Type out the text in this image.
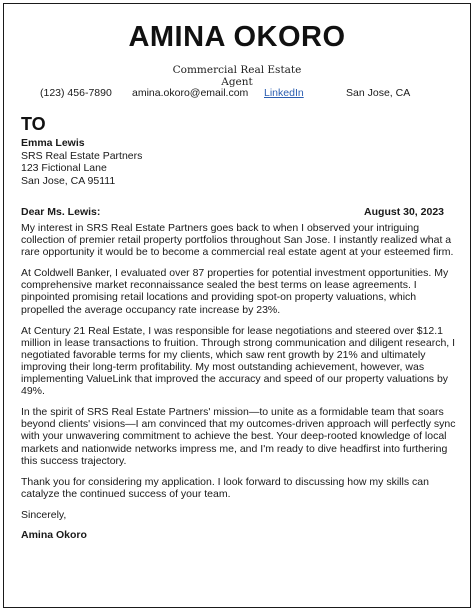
AMINA OKORO
Commercial Real Estate
Agent
(123) 456-7890 amina.okoro@email.com LinkedIn	San Jose, CA
TO
Emma Lewis
SRS Real Estate Partners
123 Fictional Lane
San Jose, CA 95111
Dear Ms. Lewis:	August 30, 2023

My interest in SRS Real Estate Partners goes back to when I observed your intriguing collection of premier retail property portfolios throughout San Jose. I instantly realized what a rare opportunity it would be to become a commercial real estate agent at your esteemed firm.

At Coldwell Banker, I evaluated over 87 properties for potential investment opportunities. My comprehensive market reconnaissance sealed the best terms on lease agreements. I pinpointed promising retail locations and providing spot-on property valuations, which propelled the average occupancy rate increase by 23%.

At Century 21 Real Estate, I was responsible for lease negotiations and steered over $12.1 million in lease transactions to fruition. Through strong communication and diligent research, I negotiated favorable terms for my clients, which saw rent growth by 21% and ultimately improving their long-term profitability. My most outstanding achievement, however, was implementing ValueLink that improved the accuracy and speed of our property valuations by 49%.

In the spirit of SRS Real Estate Partners' mission—to unite as a formidable team that soars beyond clients' visions—I am convinced that my outcomes-driven approach will perfectly sync with your unwavering commitment to achieve the best. Your deep-rooted knowledge of local markets and nationwide networks impress me, and I'm ready to dive headfirst into furthering this success trajectory.

Thank you for considering my application. I look forward to discussing how my skills can catalyze the continued success of your team.

Sincerely,
Amina Okoro
